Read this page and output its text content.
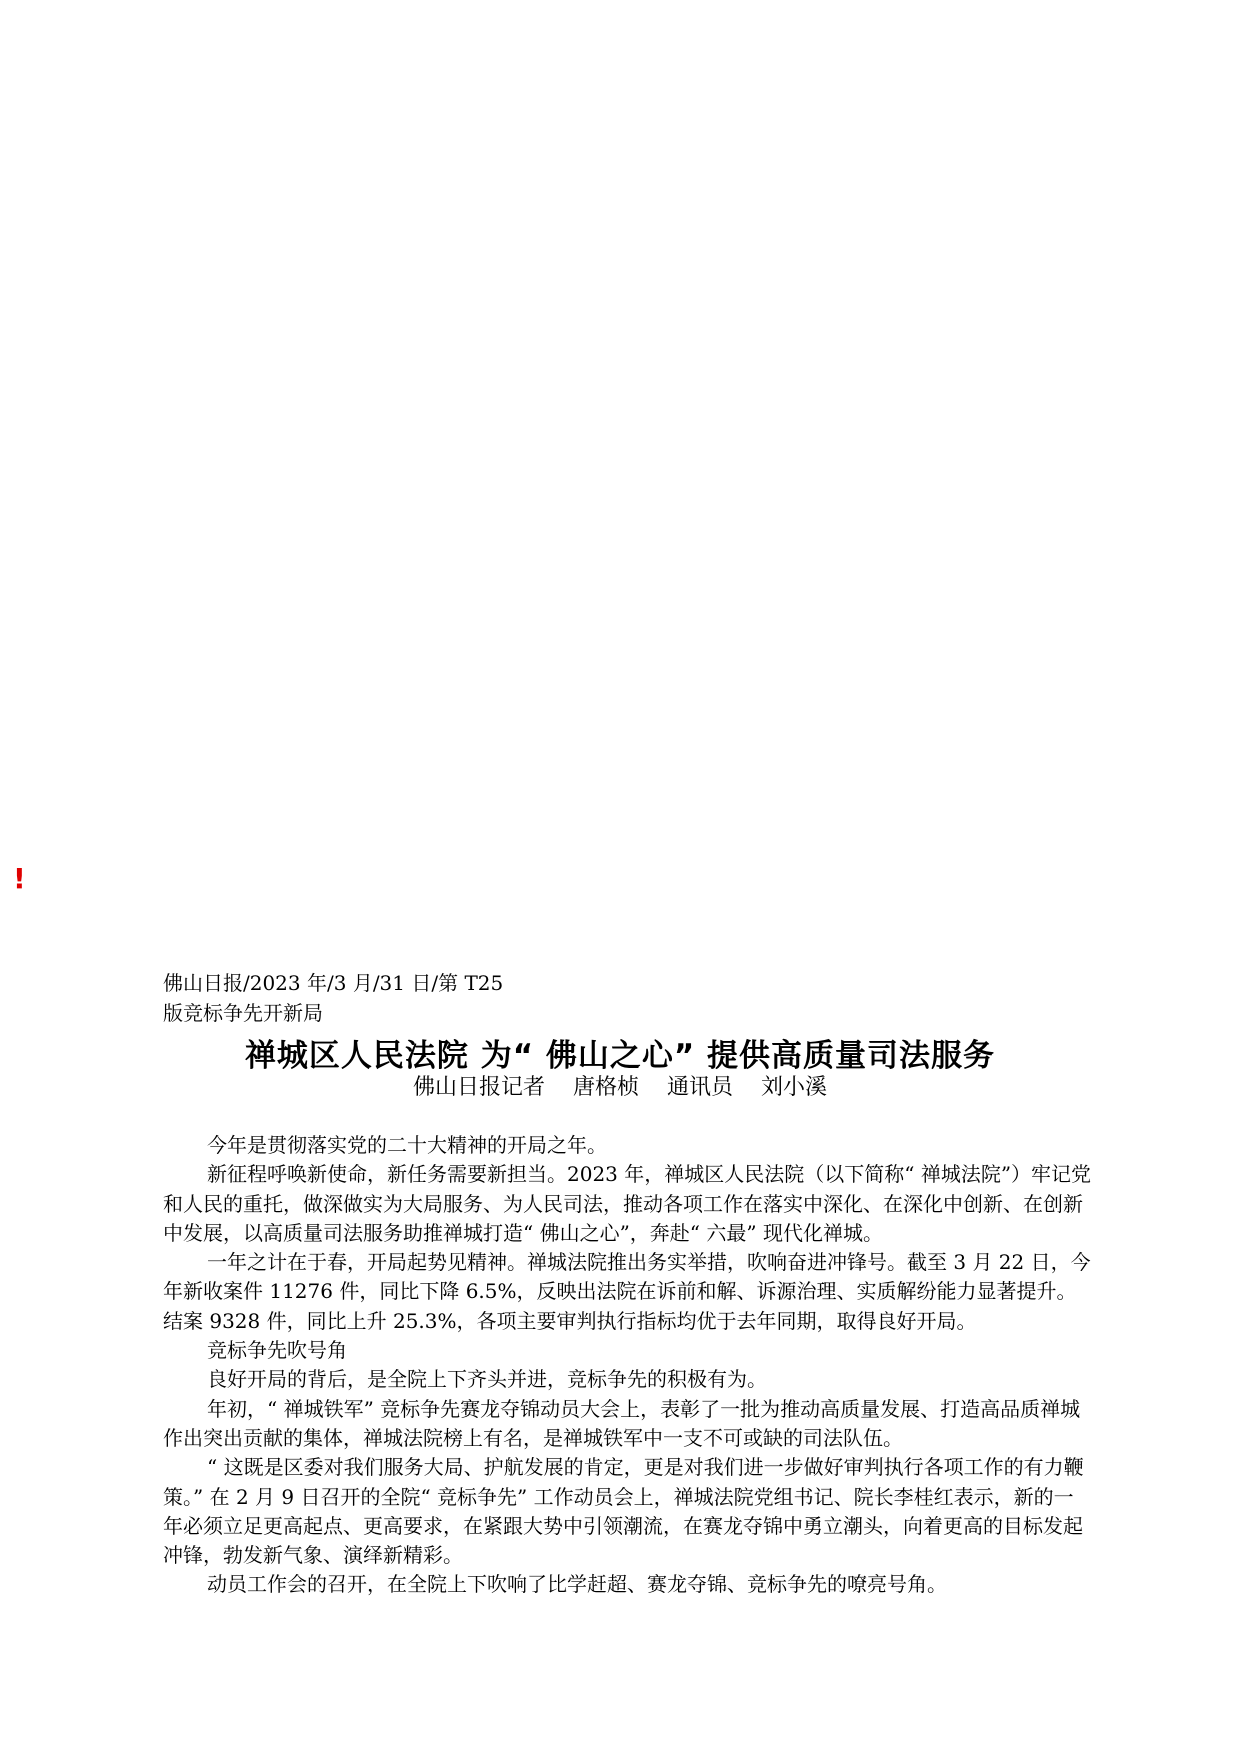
!
佛山日报/2023 年/3 月/31 日/第 T25
版竞标争先开新局
禅城区人民法院 为“ 佛山之心” 提供高质量司法服务
佛山日报记者    唐格桢    通讯员    刘小溪

今年是贯彻落实党的二十大精神的开局之年。

新征程呼唤新使命，新任务需要新担当。2023 年，禅城区人民法院（以下简称“ 禅城法院”）牢记党和人民的重托，做深做实为大局服务、为人民司法，推动各项工作在落实中深化、在深化中创新、在创新中发展，以高质量司法服务助推禅城打造“ 佛山之心”，奔赴“ 六最” 现代化禅城。

一年之计在于春，开局起势见精神。禅城法院推出务实举措，吹响奋进冲锋号。截至 3 月 22 日，今年新收案件 11276 件，同比下降 6.5%，反映出法院在诉前和解、诉源治理、实质解纷能力显著提升。结案 9328 件，同比上升 25.3%，各项主要审判执行指标均优于去年同期，取得良好开局。

竞标争先吹号角

良好开局的背后，是全院上下齐头并进，竞标争先的积极有为。

年初，“ 禅城铁军” 竞标争先赛龙夺锦动员大会上，表彰了一批为推动高质量发展、打造高品质禅城作出突出贡献的集体，禅城法院榜上有名，是禅城铁军中一支不可或缺的司法队伍。

“ 这既是区委对我们服务大局、护航发展的肯定，更是对我们进一步做好审判执行各项工作的有力鞭策。” 在 2 月 9 日召开的全院“ 竞标争先” 工作动员会上，禅城法院党组书记、院长李桂红表示，新的一年必须立足更高起点、更高要求，在紧跟大势中引领潮流，在赛龙夺锦中勇立潮头，向着更高的目标发起冲锋，勃发新气象、演绎新精彩。

动员工作会的召开，在全院上下吹响了比学赶超、赛龙夺锦、竞标争先的嘹亮号角。
